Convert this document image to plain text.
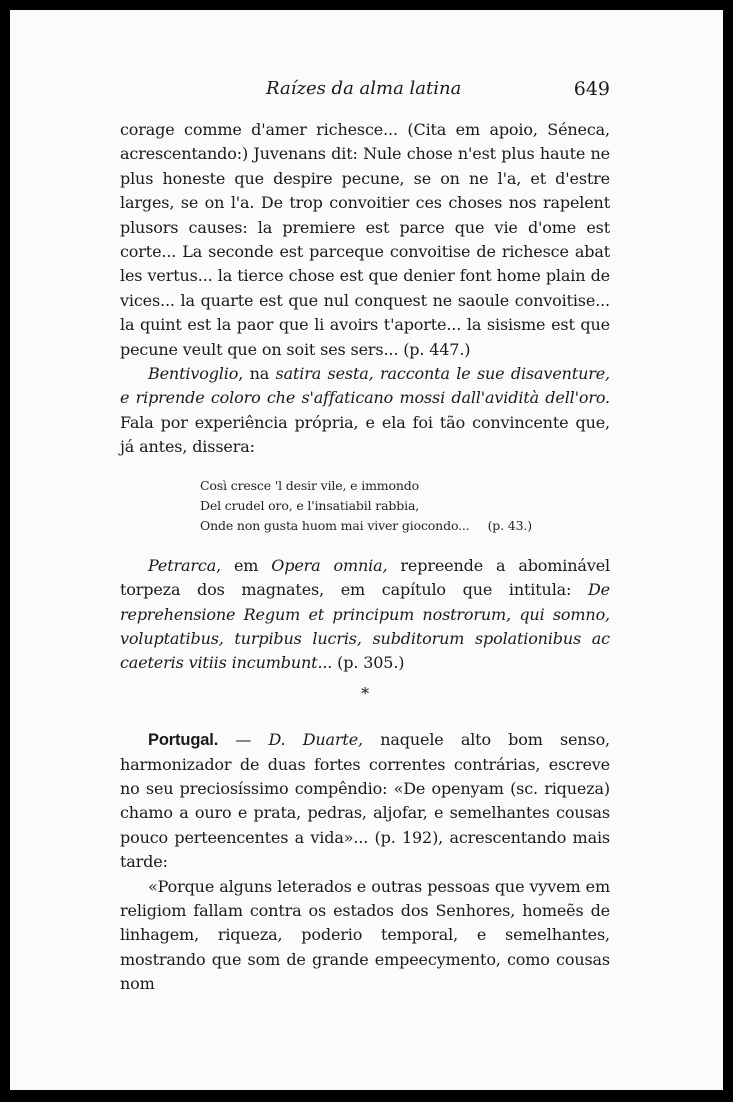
Raízes da alma latina	649

corage comme d'amer richesce... (Cita em apoio, Séneca, acrescentando:) Juvenans dit: Nule chose n'est plus haute ne plus honeste que despire pecune, se on ne l'a, et d'estre larges, se on l'a. De trop convoitier ces choses nos rapelent plusors causes: la premiere est parce que vie d'ome est corte... La seconde est parceque convoitise de richesce abat les vertus... la tierce chose est que denier font home plain de vices... la quarte est que nul conquest ne saoule convoitise... la quint est la paor que li avoirs t'aporte... la sisisme est que pecune veult que on soit ses sers... (p. 447.)

Bentivoglio, na satira sesta, racconta le sue disaventure, e riprende coloro che s'affaticano mossi dall'avidità dell'oro. Fala por experiência própria, e ela foi tão convincente que, já antes, dissera:

Così cresce 'l desir vile, e immondo
Del crudel oro, e l'insatiabil rabbia,
Onde non gusta huom mai viver giocondo... (p. 43.)

Petrarca, em Opera omnia, repreende a abominável torpeza dos magnates, em capítulo que intitula: De reprehensione Regum et principum nostrorum, qui somno, voluptatibus, turpibus lucris, subditorum spolationibus ac caeteris vitiis incumbunt... (p. 305.)

*

Portugal. — D. Duarte, naquele alto bom senso, harmonizador de duas fortes correntes contrárias, escreve no seu preciosíssimo compêndio: «De openyam (sc. riqueza) chamo a ouro e prata, pedras, aljofar, e semelhantes cousas pouco perteencentes a vida»... (p. 192), acrescentando mais tarde:

«Porque alguns leterados e outras pessoas que vyvem em religiom fallam contra os estados dos Senhores, homeẽs de linhagem, riqueza, poderio temporal, e semelhantes, mostrando que som de grande empeecymento, como cousas nom
